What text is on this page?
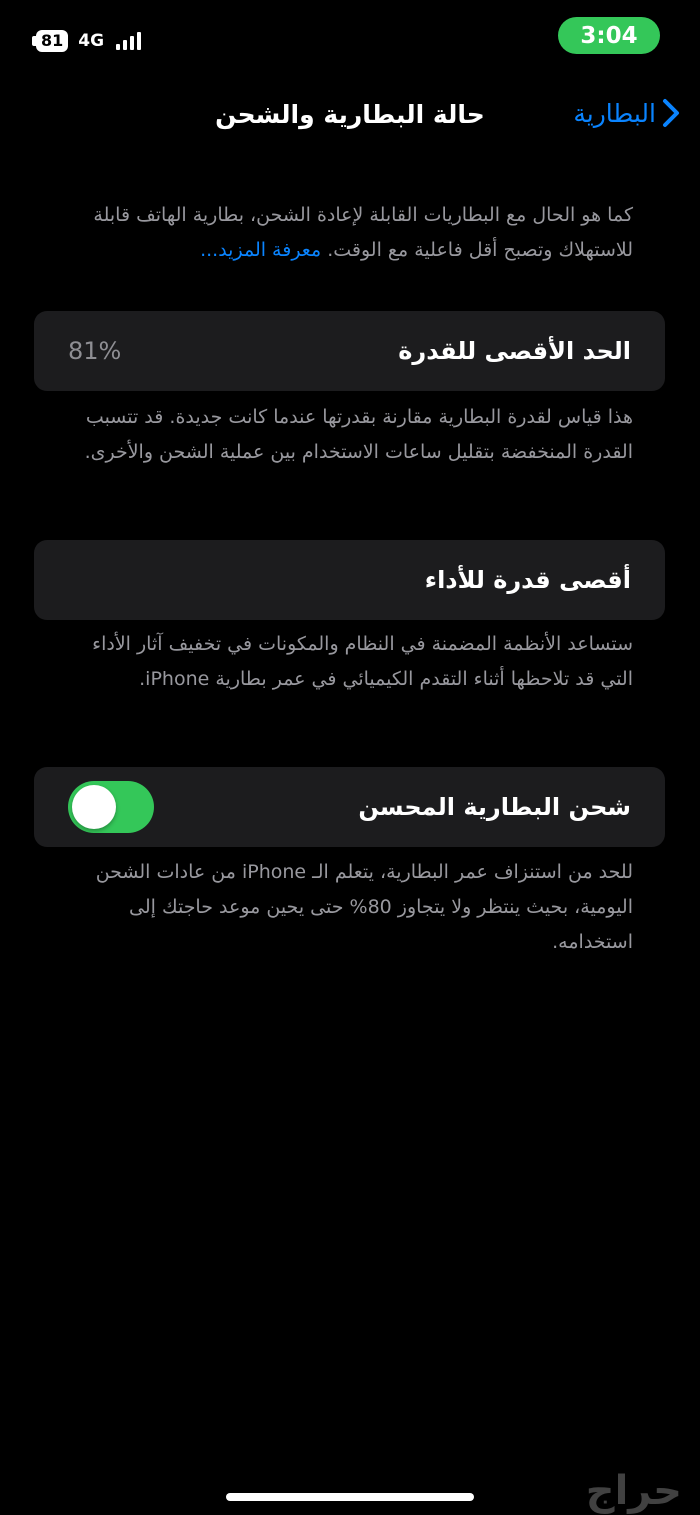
81 4G	3:04
حالة البطارية والشحن	البطارية
كما هو الحال مع البطاريات القابلة لإعادة الشحن، بطارية الهاتف قابلة للاستهلاك وتصبح أقل فاعلية مع الوقت. معرفة المزيد...
81%	الحد الأقصى للقدرة
هذا قياس لقدرة البطارية مقارنة بقدرتها عندما كانت جديدة. قد تتسبب القدرة المنخفضة بتقليل ساعات الاستخدام بين عملية الشحن والأخرى.
أقصى قدرة للأداء
ستساعد الأنظمة المضمنة في النظام والمكونات في تخفيف آثار الأداء التي قد تلاحظها أثناء التقدم الكيميائي في عمر بطارية iPhone.
شحن البطارية المحسن
للحد من استنزاف عمر البطارية، يتعلم الـ iPhone من عادات الشحن اليومية، بحيث ينتظر ولا يتجاوز 80% حتى يحين موعد حاجتك إلى استخدامه.
حراج
